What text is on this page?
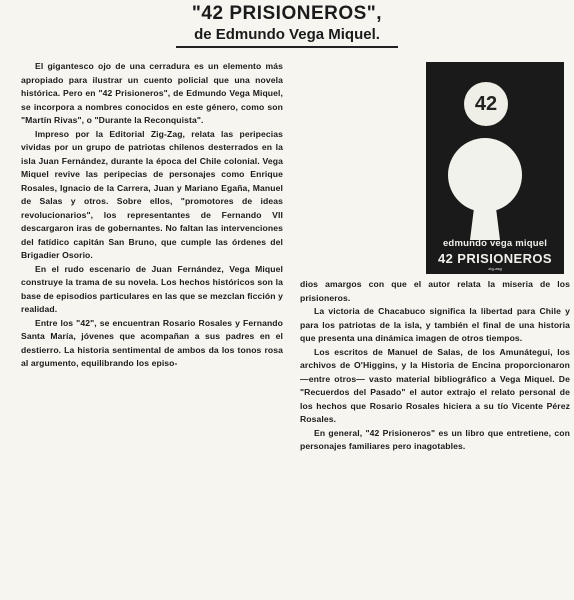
"42 PRISIONEROS",
de Edmundo Vega Miquel.

El gigantesco ojo de una cerradura es un elemento más apropiado para ilustrar un cuento policial que una novela histórica. Pero en "42 Prisioneros", de Edmundo Vega Miquel, se incorpora a nombres conocidos en este género, como son "Martín Rivas", o "Durante la Reconquista".

Impreso por la Editorial Zig-Zag, relata las peripecias vividas por un grupo de patriotas chilenos desterrados en la isla Juan Fernández, durante la época del Chile colonial. Vega Miquel revive las peripecias de personajes como Enrique Rosales, Ignacio de la Carrera, Juan y Mariano Egaña, Manuel de Salas y otros. Sobre ellos, "promotores de ideas revolucionarios", los representantes de Fernando VII descargaron iras de gobernantes. No faltan las intervenciones del fatídico capitán San Bruno, que cumple las órdenes del Brigadier Osorio.

En el rudo escenario de Juan Fernández, Vega Miquel construye la trama de su novela. Los hechos históricos son la base de episodios particulares en las que se mezclan ficción y realidad.

Entre los "42", se encuentran Rosario Rosales y Fernando Santa María, jóvenes que acompañan a sus padres en el destierro. La historia sentimental de ambos da los tonos rosa al argumento, equilibrando los episo-

42
edmundo vega miquel
42 PRISIONEROS
zig-zag

dios amargos con que el autor relata la miseria de los prisioneros.

La victoria de Chacabuco significa la libertad para Chile y para los patriotas de la isla, y también el final de una historia que presenta una dinámica imagen de otros tiempos.

Los escritos de Manuel de Salas, de los Amunátegui, los archivos de O'Higgins, y la Historia de Encina proporcionaron —entre otros— vasto material bibliográfico a Vega Miquel. De "Recuerdos del Pasado" el autor extrajo el relato personal de los hechos que Rosario Rosales hiciera a su tío Vicente Pérez Rosales.

En general, "42 Prisioneros" es un libro que entretiene, con personajes familiares pero inagotables.
